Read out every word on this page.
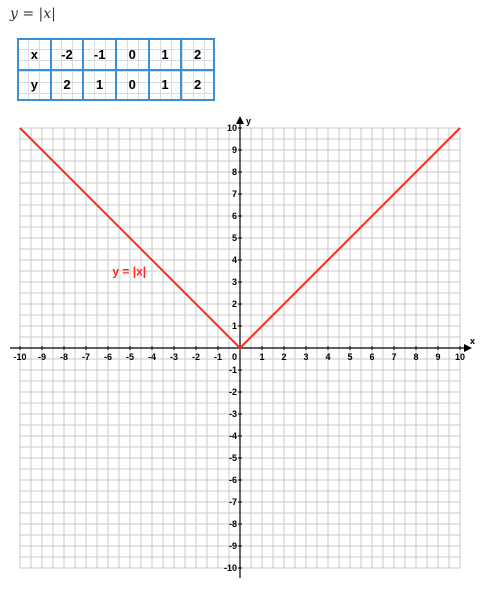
y = |x|
x	-2	-1	0	1	2
y	2	1	0	1	2
x
y
-10 -9 -8 -7 -6 -5 -4 -3 -2 -1	1 2 3 4 5 6 7 8 9 10
10
9
8
7
6
5
4
3
2
1
-1
-2
-3
-4
-5
-6
-7
-8
-9
-10
0
y = |x|
